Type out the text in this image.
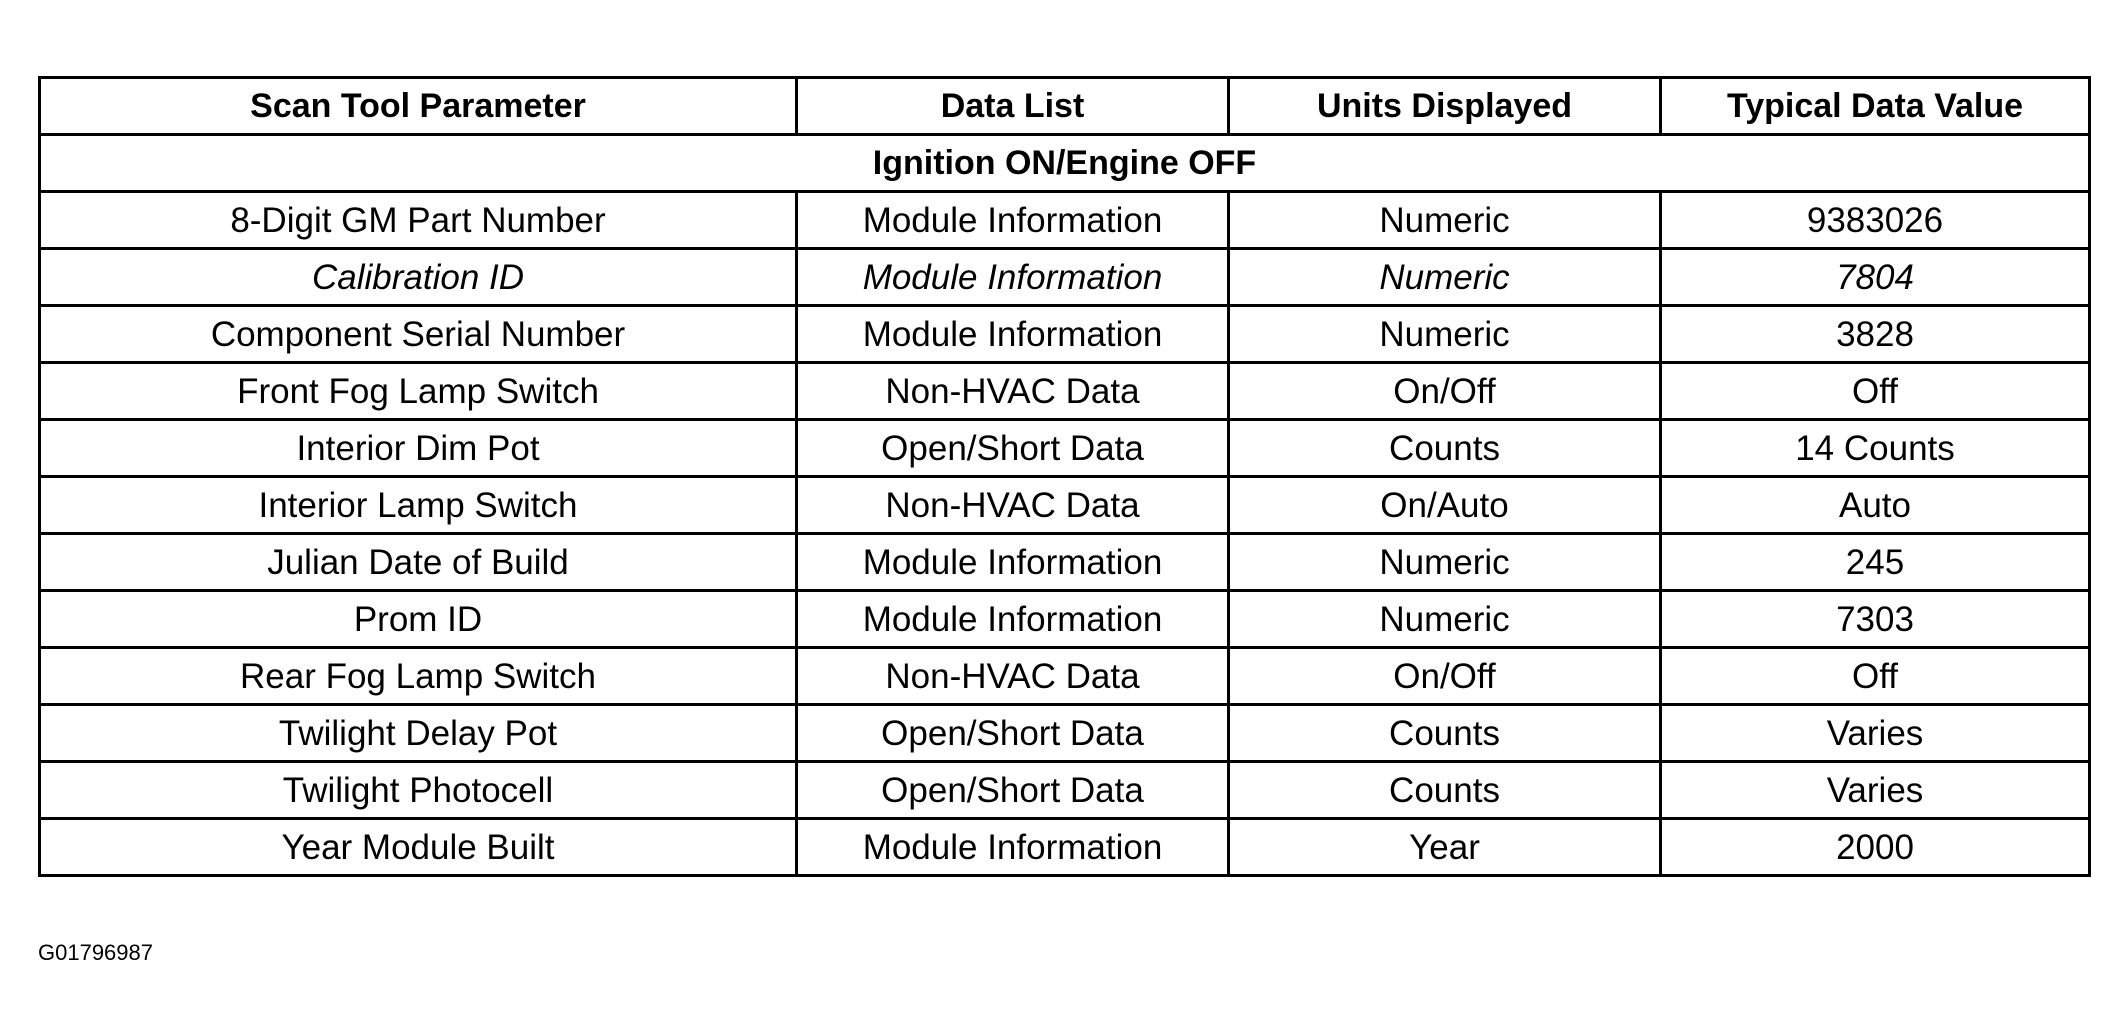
Scan Tool Parameter	Data List	Units Displayed	Typical Data Value
Ignition ON/Engine OFF			
8-Digit GM Part Number	Module Information	Numeric	9383026
Calibration ID	Module Information	Numeric	7804
Component Serial Number	Module Information	Numeric	3828
Front Fog Lamp Switch	Non-HVAC Data	On/Off	Off
Interior Dim Pot	Open/Short Data	Counts	14 Counts
Interior Lamp Switch	Non-HVAC Data	On/Auto	Auto
Julian Date of Build	Module Information	Numeric	245
Prom ID	Module Information	Numeric	7303
Rear Fog Lamp Switch	Non-HVAC Data	On/Off	Off
Twilight Delay Pot	Open/Short Data	Counts	Varies
Twilight Photocell	Open/Short Data	Counts	Varies
Year Module Built	Module Information	Year	2000
G01796987
